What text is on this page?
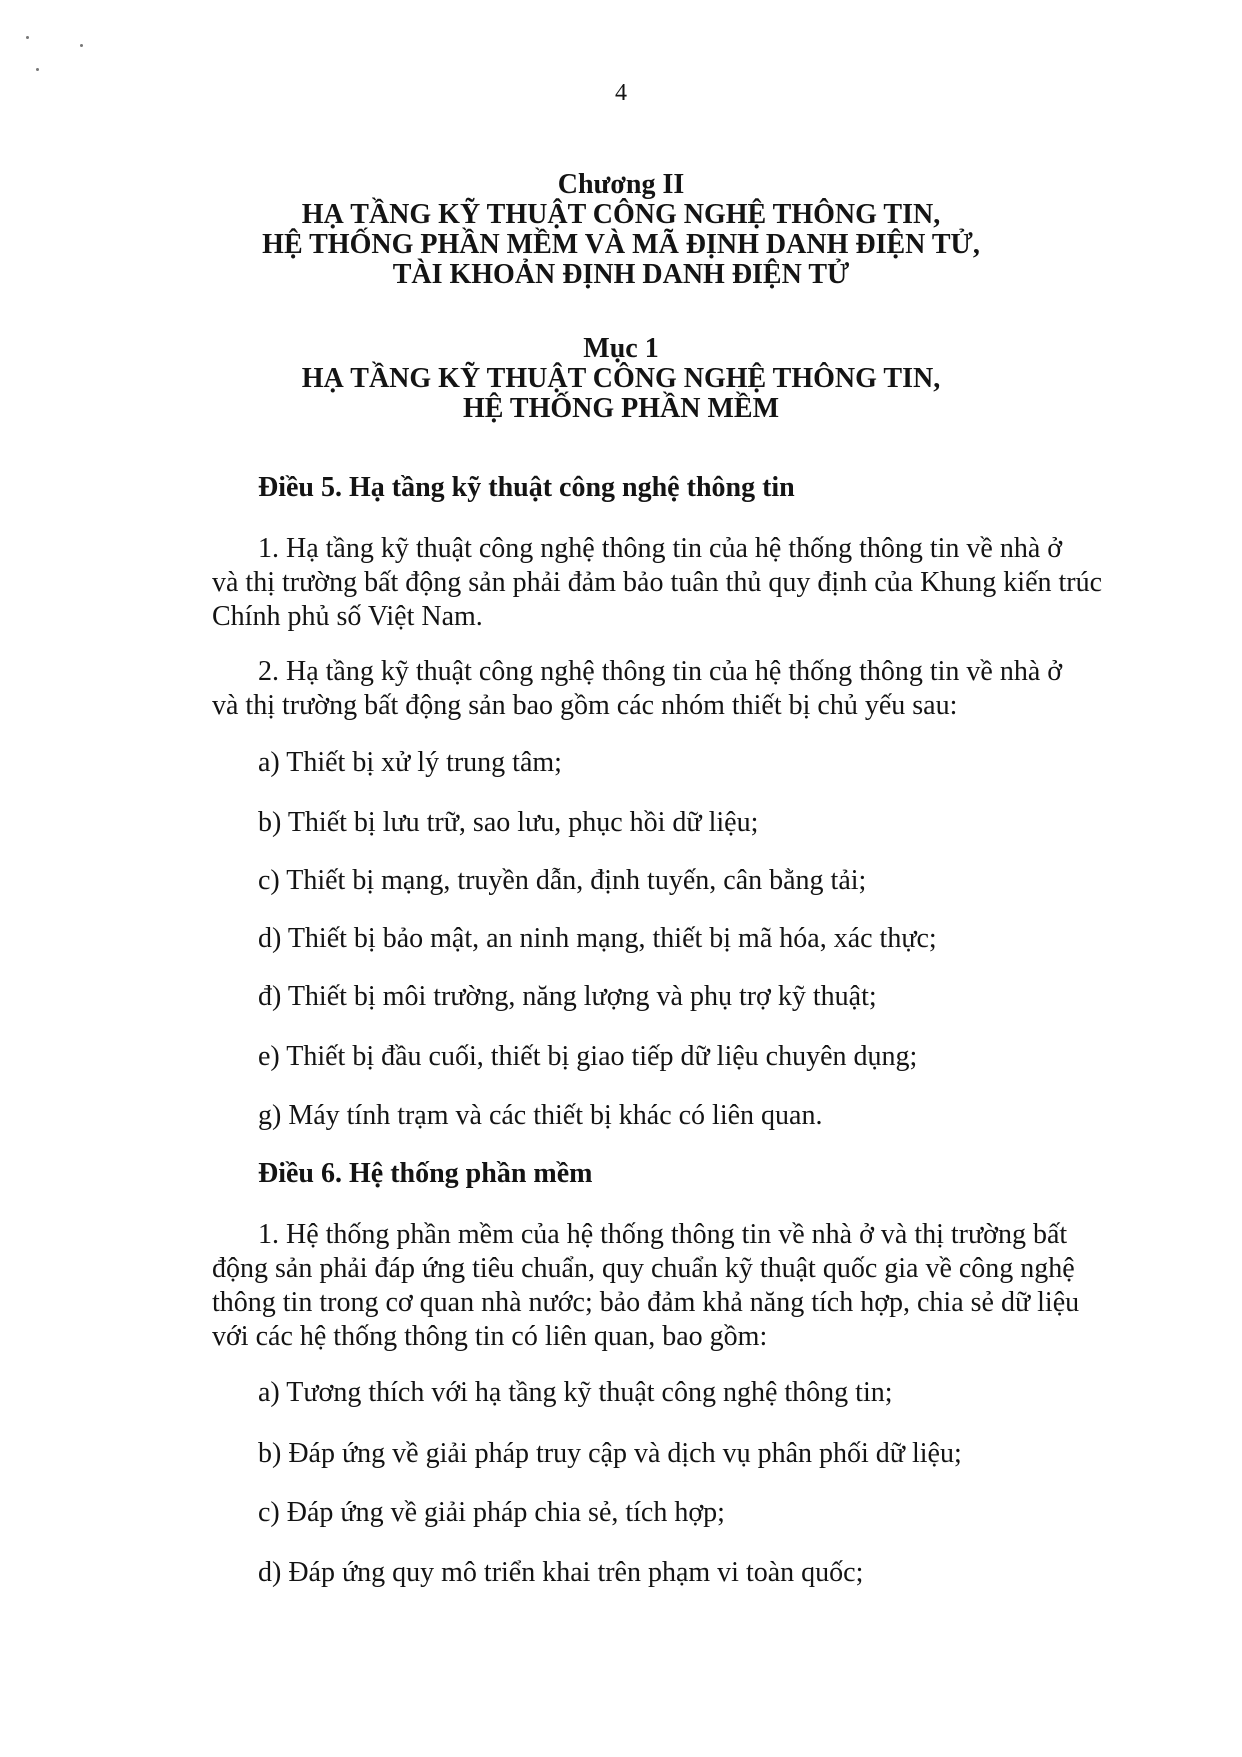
4
Chương II
HẠ TẦNG KỸ THUẬT CÔNG NGHỆ THÔNG TIN,
HỆ THỐNG PHẦN MỀM VÀ MÃ ĐỊNH DANH ĐIỆN TỬ,
TÀI KHOẢN ĐỊNH DANH ĐIỆN TỬ
Mục 1
HẠ TẦNG KỸ THUẬT CÔNG NGHỆ THÔNG TIN,
HỆ THỐNG PHẦN MỀM
Điều 5. Hạ tầng kỹ thuật công nghệ thông tin
1. Hạ tầng kỹ thuật công nghệ thông tin của hệ thống thông tin về nhà ở
và thị trường bất động sản phải đảm bảo tuân thủ quy định của Khung kiến trúc
Chính phủ số Việt Nam.
2. Hạ tầng kỹ thuật công nghệ thông tin của hệ thống thông tin về nhà ở
và thị trường bất động sản bao gồm các nhóm thiết bị chủ yếu sau:
a) Thiết bị xử lý trung tâm;
b) Thiết bị lưu trữ, sao lưu, phục hồi dữ liệu;
c) Thiết bị mạng, truyền dẫn, định tuyến, cân bằng tải;
d) Thiết bị bảo mật, an ninh mạng, thiết bị mã hóa, xác thực;
đ) Thiết bị môi trường, năng lượng và phụ trợ kỹ thuật;
e) Thiết bị đầu cuối, thiết bị giao tiếp dữ liệu chuyên dụng;
g) Máy tính trạm và các thiết bị khác có liên quan.
Điều 6. Hệ thống phần mềm
1. Hệ thống phần mềm của hệ thống thông tin về nhà ở và thị trường bất
động sản phải đáp ứng tiêu chuẩn, quy chuẩn kỹ thuật quốc gia về công nghệ
thông tin trong cơ quan nhà nước; bảo đảm khả năng tích hợp, chia sẻ dữ liệu
với các hệ thống thông tin có liên quan, bao gồm:
a) Tương thích với hạ tầng kỹ thuật công nghệ thông tin;
b) Đáp ứng về giải pháp truy cập và dịch vụ phân phối dữ liệu;
c) Đáp ứng về giải pháp chia sẻ, tích hợp;
d) Đáp ứng quy mô triển khai trên phạm vi toàn quốc;
